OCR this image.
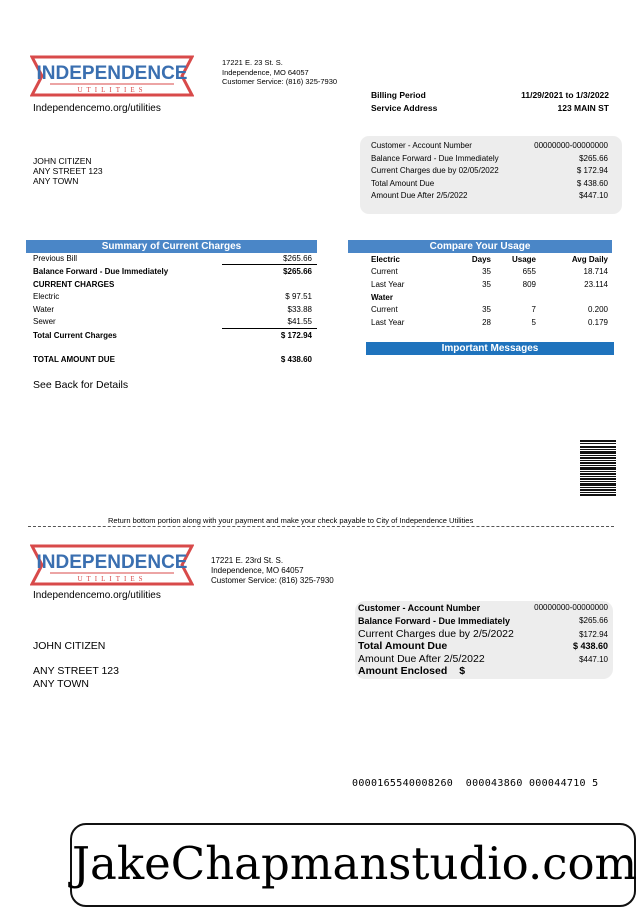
INDEPENDENCE
UTILITIES
17221 E. 23 St. S.
Independence, MO 64057
Customer Service: (816) 325-7930
Independencemo.org/utilities
Billing Period	11/29/2021 to 1/3/2022
Service Address	123 MAIN ST
JOHN CITIZEN
ANY STREET 123
ANY TOWN
Customer - Account Number	00000000-00000000
Balance Forward - Due Immediately	$265.66
Current Charges due by 02/05/2022	$ 172.94
Total Amount Due	$ 438.60
Amount Due After 2/5/2022	$447.10
Summary of Current Charges
Previous Bill	$265.66
Balance Forward - Due Immediately	$265.66
CURRENT CHARGES
Electric	$ 97.51
Water	$33.88
Sewer	$41.55
Total Current Charges	$ 172.94
TOTAL AMOUNT DUE	$ 438.60
See Back for Details
Compare Your Usage
Electric	Days	Usage	Avg Daily
Current	35	655	18.714
Last Year	35	809	23.114
Water			
Current	35	7	0.200
Last Year	28	5	0.179
Important Messages
Return bottom portion along with your payment and make your check payable to City of Independence Utilities
INDEPENDENCE
UTILITIES
17221 E. 23rd St. S.
Independence, MO 64057
Customer Service: (816) 325-7930
Independencemo.org/utilities
JOHN CITIZEN
ANY STREET 123
ANY TOWN
Customer - Account Number	00000000-00000000
Balance Forward - Due Immediately	$265.66
Current Charges due by 2/5/2022	$172.94
Total Amount Due	$ 438.60
Amount Due After 2/5/2022	$447.10
Amount Enclosed $
0000165540008260  000043860 000044710 5
JakeChapmanstudio.com
